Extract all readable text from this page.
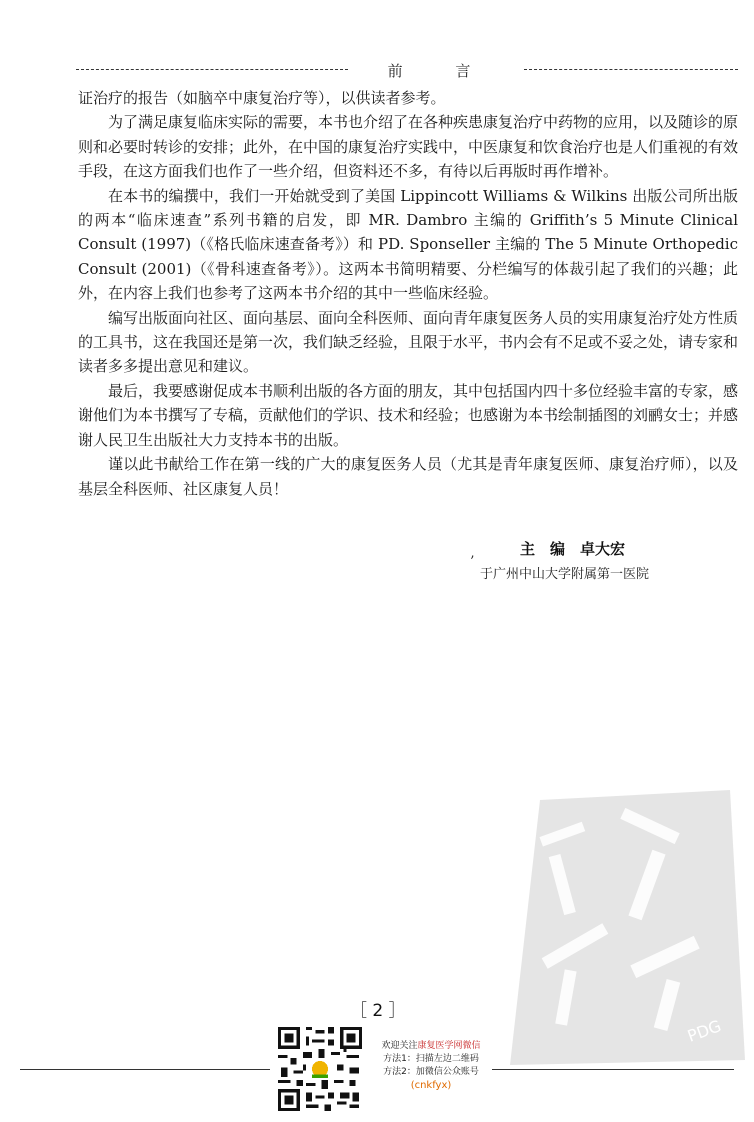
前 言

证治疗的报告（如脑卒中康复治疗等），以供读者参考。

为了满足康复临床实际的需要，本书也介绍了在各种疾患康复治疗中药物的应用，以及随诊的原则和必要时转诊的安排；此外，在中国的康复治疗实践中，中医康复和饮食治疗也是人们重视的有效手段，在这方面我们也作了一些介绍，但资料还不多，有待以后再版时再作增补。

在本书的编撰中，我们一开始就受到了美国 Lippincott Williams & Wilkins 出版公司所出版的两本“临床速查”系列书籍的启发，即 MR. Dambro 主编的 Griffith’s 5 Minute Clinical Consult (1997)（《格氏临床速查备考》）和 PD. Sponseller 主编的 The 5 Minute Orthopedic Consult (2001)（《骨科速查备考》）。这两本书简明精要、分栏编写的体裁引起了我们的兴趣；此外，在内容上我们也参考了这两本书介绍的其中一些临床经验。

编写出版面向社区、面向基层、面向全科医师、面向青年康复医务人员的实用康复治疗处方性质的工具书，这在我国还是第一次，我们缺乏经验，且限于水平，书内会有不足或不妥之处，请专家和读者多多提出意见和建议。

最后，我要感谢促成本书顺利出版的各方面的朋友，其中包括国内四十多位经验丰富的专家，感谢他们为本书撰写了专稿，贡献他们的学识、技术和经验；也感谢为本书绘制插图的刘鹂女士；并感谢人民卫生出版社大力支持本书的出版。

谨以此书献给工作在第一线的广大的康复医务人员（尤其是青年康复医师、康复治疗师），以及基层全科医师、社区康复人员！

主　编　卓大宏
’
于广州中山大学附属第一医院
PDG
［ 2 ］
欢迎关注康复医学网微信
方法1：扫描左边二维码
方法2：加微信公众账号
(cnkfyx)
